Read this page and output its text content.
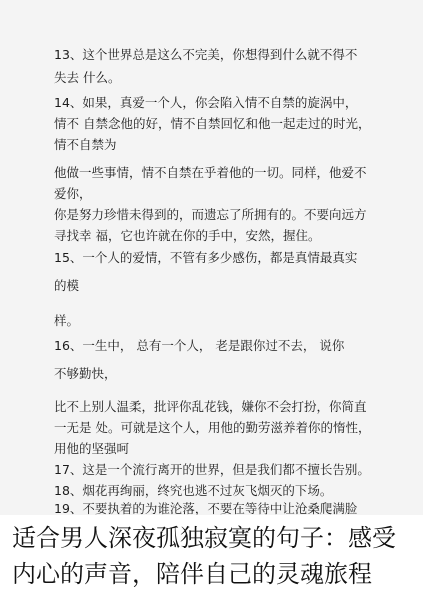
13、这个世界总是这么不完美，你想得到什么就不得不
失去 什么。
14、如果，真爱一个人，你会陷入情不自禁的旋涡中，
情不 自禁念他的好，情不自禁回忆和他一起走过的时光，
情不自禁为
他做一些事情，情不自禁在乎着他的一切。同样，他爱不
爱你，
你是努力珍惜未得到的，而遗忘了所拥有的。不要向远方
寻找幸 福，它也许就在你的手中，安然，握住。
15、一个人的爱情，不管有多少感伤，都是真情最真实
的模
样。
16、一生中， 总有一个人， 老是跟你过不去， 说你
不够勤快，
比不上别人温柔，批评你乱花钱，嫌你不会打扮，你简直
一无是 处。可就是这个人，用他的勤劳滋养着你的惰性，
用他的坚强呵
17、这是一个流行离开的世界，但是我们都不擅长告别。
18、烟花再绚丽，终究也逃不过灰飞烟灭的下场。
19、不要执着的为谁沦落，不要在等待中让沧桑爬满脸
适合男人深夜孤独寂寞的句子：感受
内心的声音，陪伴自己的灵魂旅程
